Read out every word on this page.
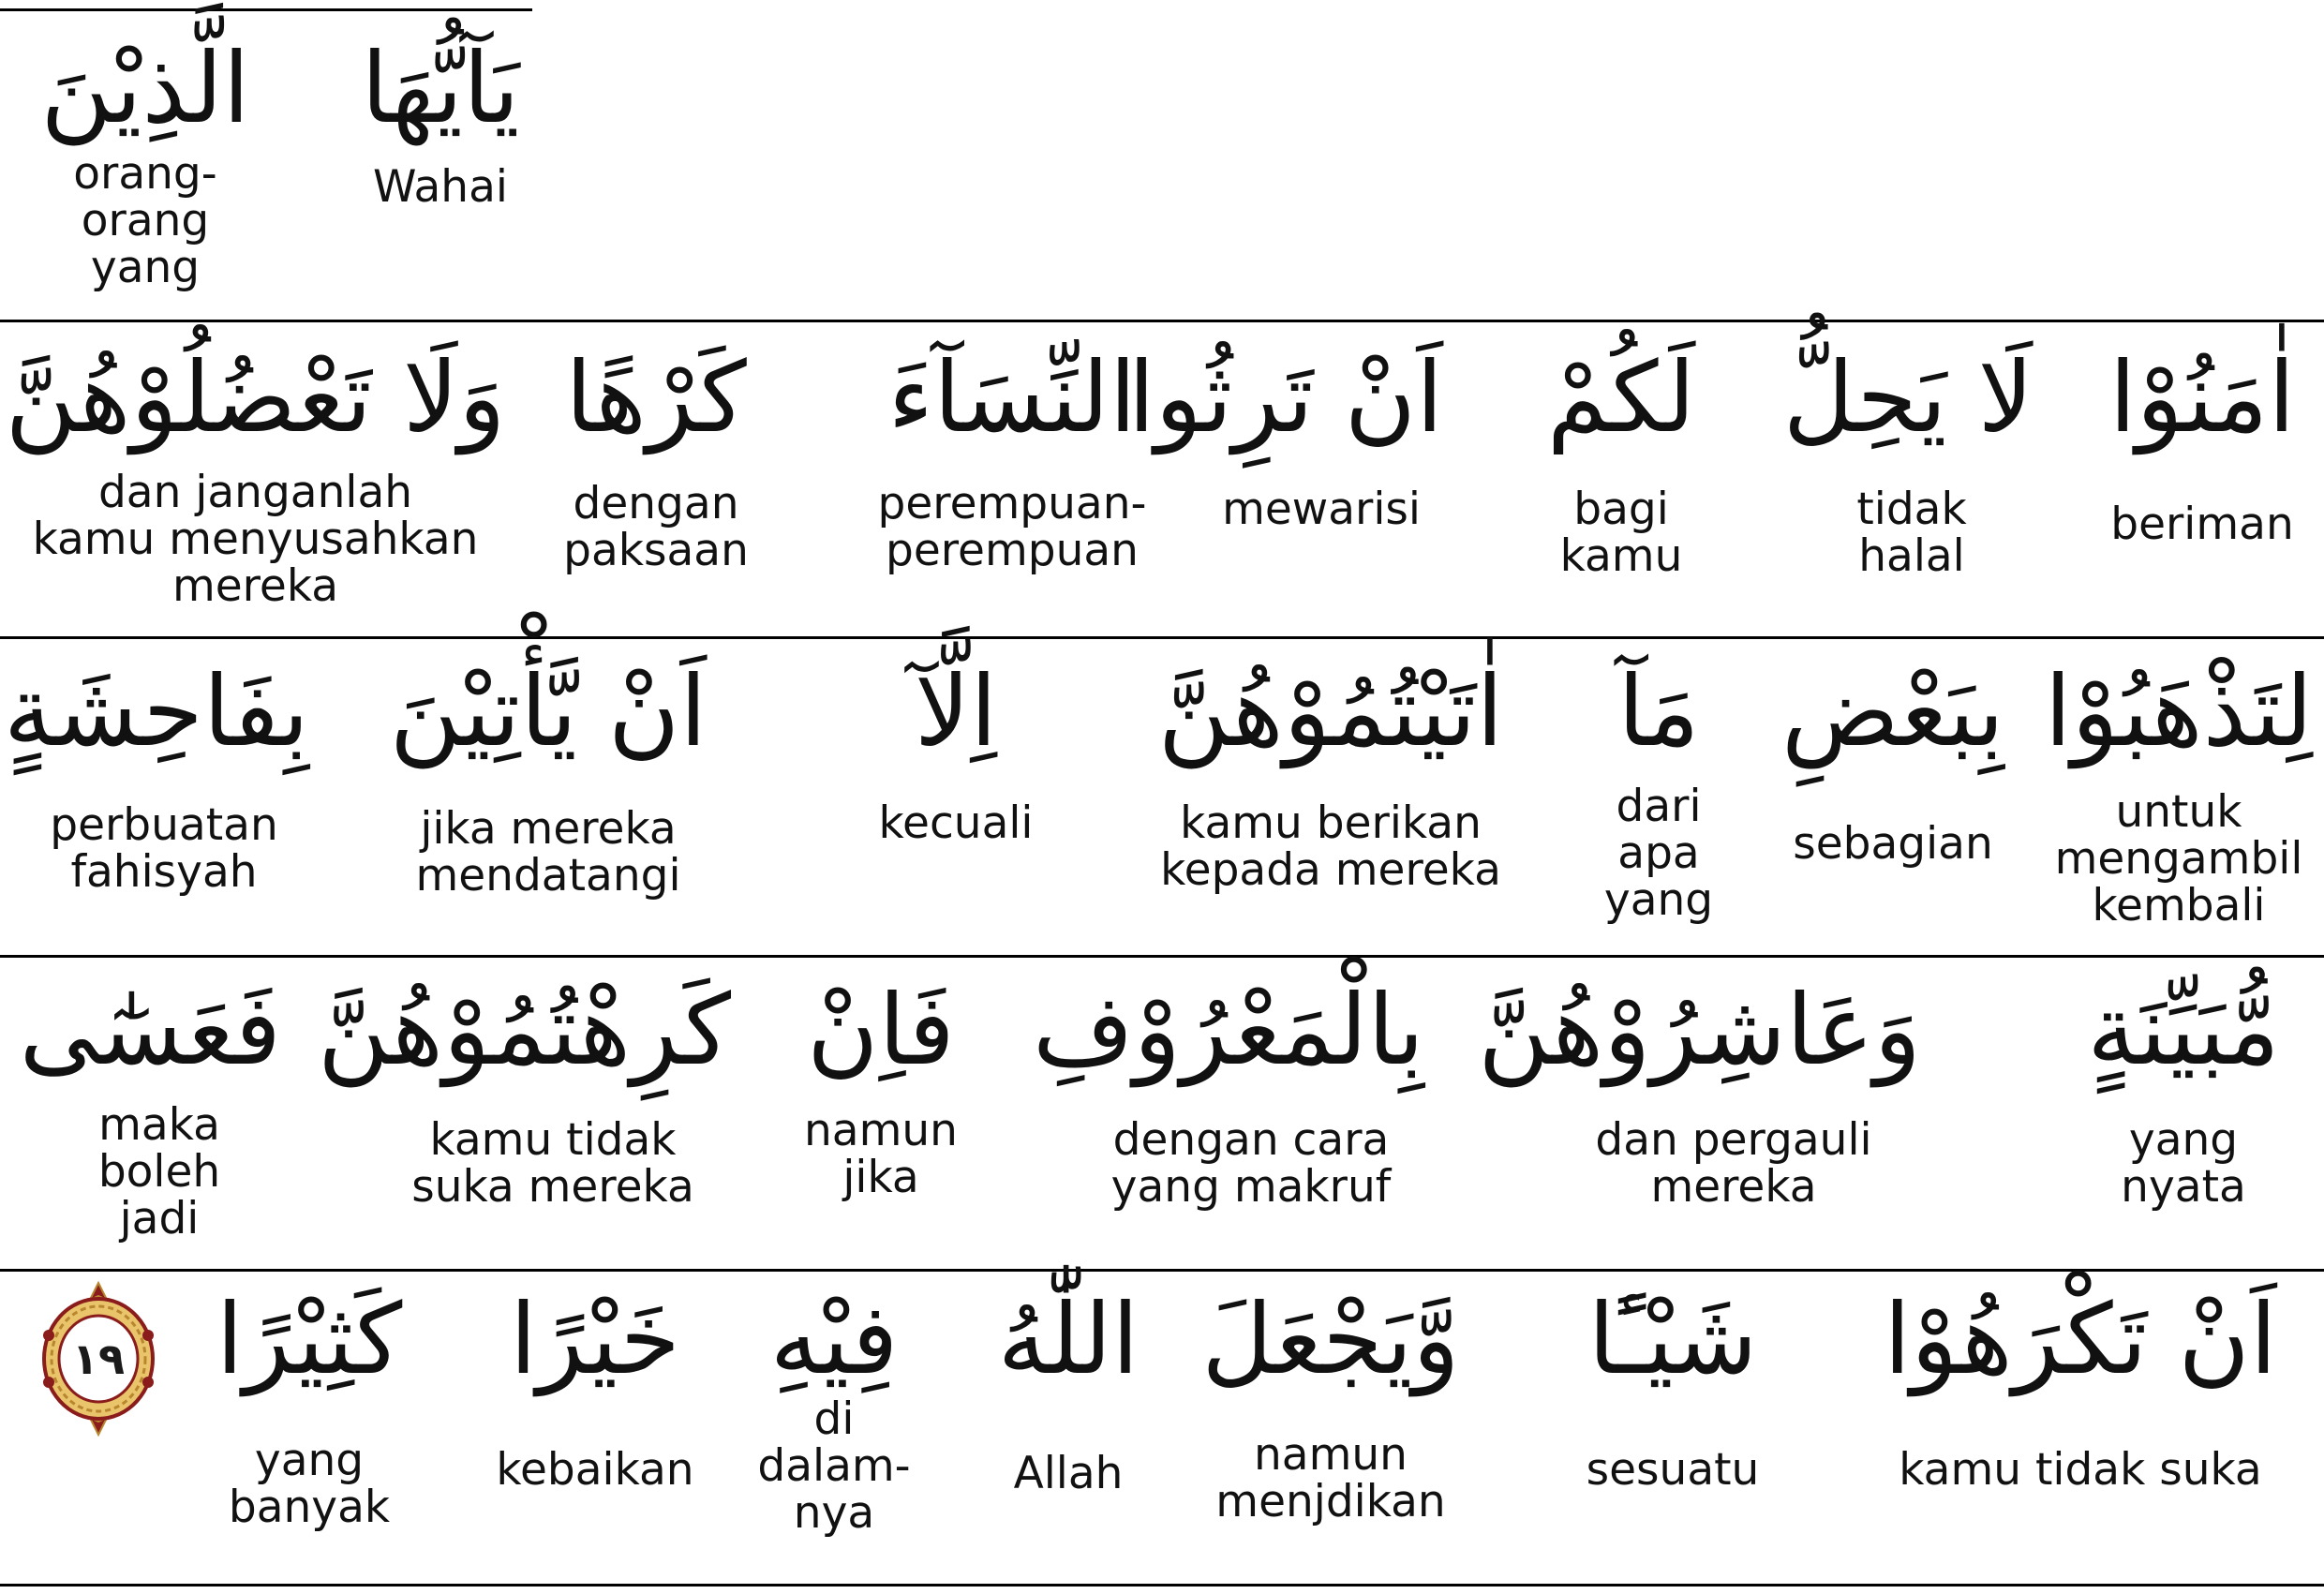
يَآيُّهَا
Wahai
الَّذِيْنَ
orang-
orang
yang
اٰمَنُوْا
beriman
لَا يَحِلُّ
tidak
halal
لَكُمْ
bagi
kamu
اَنْ تَرِثُوا
mewarisi
النِّسَآءَ
perempuan-
perempuan
كَرْهًا
dengan
paksaan
وَلَا تَعْضُلُوْهُنَّ
dan janganlah
kamu menyusahkan
mereka
لِتَذْهَبُوْا
untuk
mengambil
kembali
بِبَعْضِ
sebagian
مَآ
dari
apa
yang
اٰتَيْتُمُوْهُنَّ
kamu berikan
kepada mereka
اِلَّآ
kecuali
اَنْ يَّأْتِيْنَ
jika mereka
mendatangi
بِفَاحِشَةٍ
perbuatan
fahisyah
مُّبَيِّنَةٍ
yang
nyata
وَعَاشِرُوْهُنَّ
dan pergauli
mereka
بِالْمَعْرُوْفِ
dengan cara
yang makruf
فَاِنْ
namun
jika
كَرِهْتُمُوْهُنَّ
kamu tidak
suka mereka
فَعَسٰٓى
maka
boleh
jadi
اَنْ تَكْرَهُوْا
kamu tidak suka
شَيْـًٔا
sesuatu
وَّيَجْعَلَ
namun
menjdikan
اللّٰهُ
Allah
فِيْهِ
di
dalam-
nya
خَيْرًا
kebaikan
كَثِيْرًا
yang
banyak
١٩
